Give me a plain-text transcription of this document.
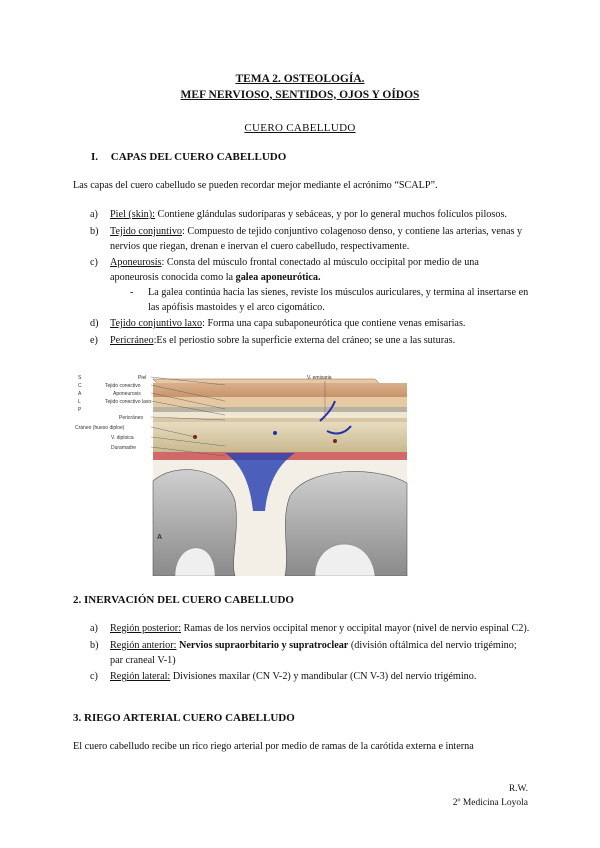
TEMA 2. OSTEOLOGÍA.
MEF NERVIOSO, SENTIDOS, OJOS Y OÍDOS
CUERO CABELLUDO
I. CAPAS DEL CUERO CABELLUDO
Las capas del cuero cabelludo se pueden recordar mejor mediante el acrónimo “SCALP”.
a) Piel (skin): Contiene glándulas sudoríparas y sebáceas, y por lo general muchos folículos pilosos.
b) Tejido conjuntivo: Compuesto de tejido conjuntivo colagenoso denso, y contiene las arterias, venas y nervios que riegan, drenan e inervan el cuero cabelludo, respectivamente.
c) Aponeurosis: Consta del músculo frontal conectado al músculo occipital por medio de una aponeurosis conocida como la galea aponeurótica.
- La galea continúa hacia las sienes, reviste los músculos auriculares, y termina al insertarse en las apófisis mastoides y el arco cigomático.
d) Tejido conjuntivo laxo: Forma una capa subaponeurótica que contiene venas emisarias.
e) Pericráneo:Es el periostio sobre la superficie externa del cráneo; se une a las suturas.
S
C
A
L
P
Piel
Tejido conectivo
Aponeurosis
Tejido conectivo laxo
Pericráneo
Cráneo (hueso diploe)
V. diploica
Duramadre
V. emisaria
A
2. INERVACIÓN DEL CUERO CABELLUDO
a) Región posterior: Ramas de los nervios occipital menor y occipital mayor (nivel de nervio espinal C2).
b) Región anterior: Nervios supraorbitario y supratroclear (división oftálmica del nervio trigémino; par craneal V-1)
c) Región lateral: Divisiones maxilar (CN V-2) y mandibular (CN V-3) del nervio trigémino.
3. RIEGO ARTERIAL CUERO CABELLUDO
El cuero cabelludo recibe un rico riego arterial por medio de ramas de la carótida externa e interna
R.W.
2º Medicina Loyola
